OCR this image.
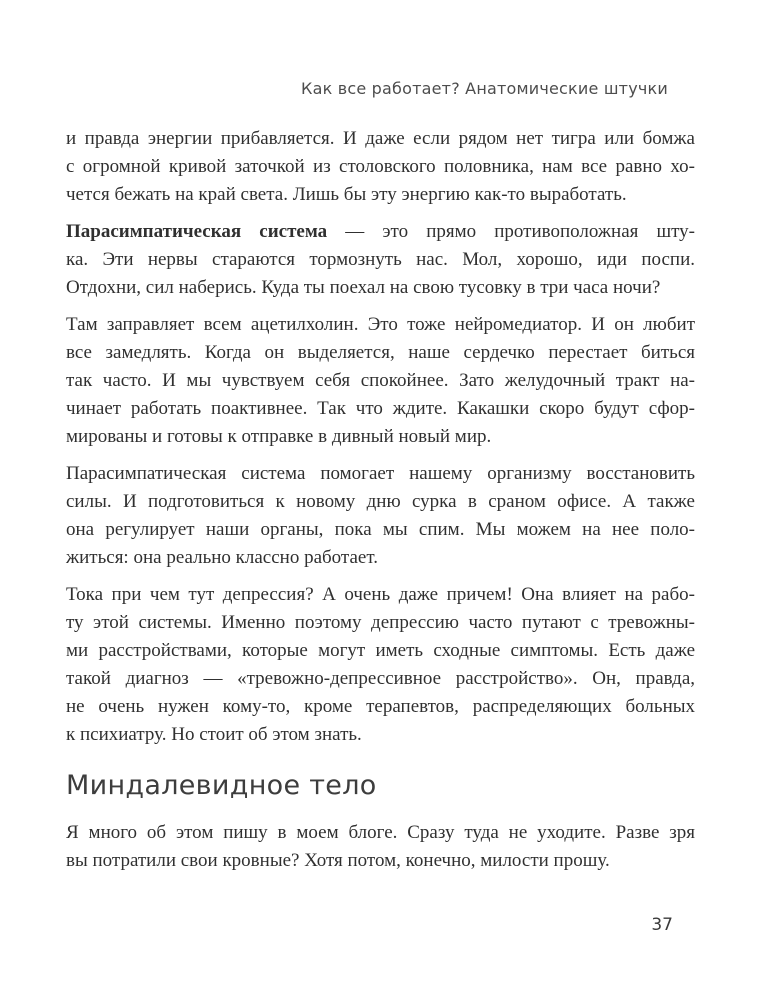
Как все работает? Анатомические штучки
и правда энергии прибавляется. И даже если рядом нет тигра или бомжа
с огромной кривой заточкой из столовского половника, нам все равно хо-
чется бежать на край света. Лишь бы эту энергию как-то выработать.
Парасимпатическая система — это прямо противоположная шту-
ка. Эти нервы стараются тормознуть нас. Мол, хорошо, иди поспи.
Отдохни, сил наберись. Куда ты поехал на свою тусовку в три часа ночи?
Там заправляет всем ацетилхолин. Это тоже нейромедиатор. И он любит
все замедлять. Когда он выделяется, наше сердечко перестает биться
так часто. И мы чувствуем себя спокойнее. Зато желудочный тракт на-
чинает работать поактивнее. Так что ждите. Какашки скоро будут сфор-
мированы и готовы к отправке в дивный новый мир.
Парасимпатическая система помогает нашему организму восстановить
силы. И подготовиться к новому дню сурка в сраном офисе. А также
она регулирует наши органы, пока мы спим. Мы можем на нее поло-
житься: она реально классно работает.
Тока при чем тут депрессия? А очень даже причем! Она влияет на рабо-
ту этой системы. Именно поэтому депрессию часто путают с тревожны-
ми расстройствами, которые могут иметь сходные симптомы. Есть даже
такой диагноз — «тревожно-депрессивное расстройство». Он, правда,
не очень нужен кому-то, кроме терапевтов, распределяющих больных
к психиатру. Но стоит об этом знать.
Миндалевидное тело
Я много об этом пишу в моем блоге. Сразу туда не уходите. Разве зря
вы потратили свои кровные? Хотя потом, конечно, милости прошу.
37
